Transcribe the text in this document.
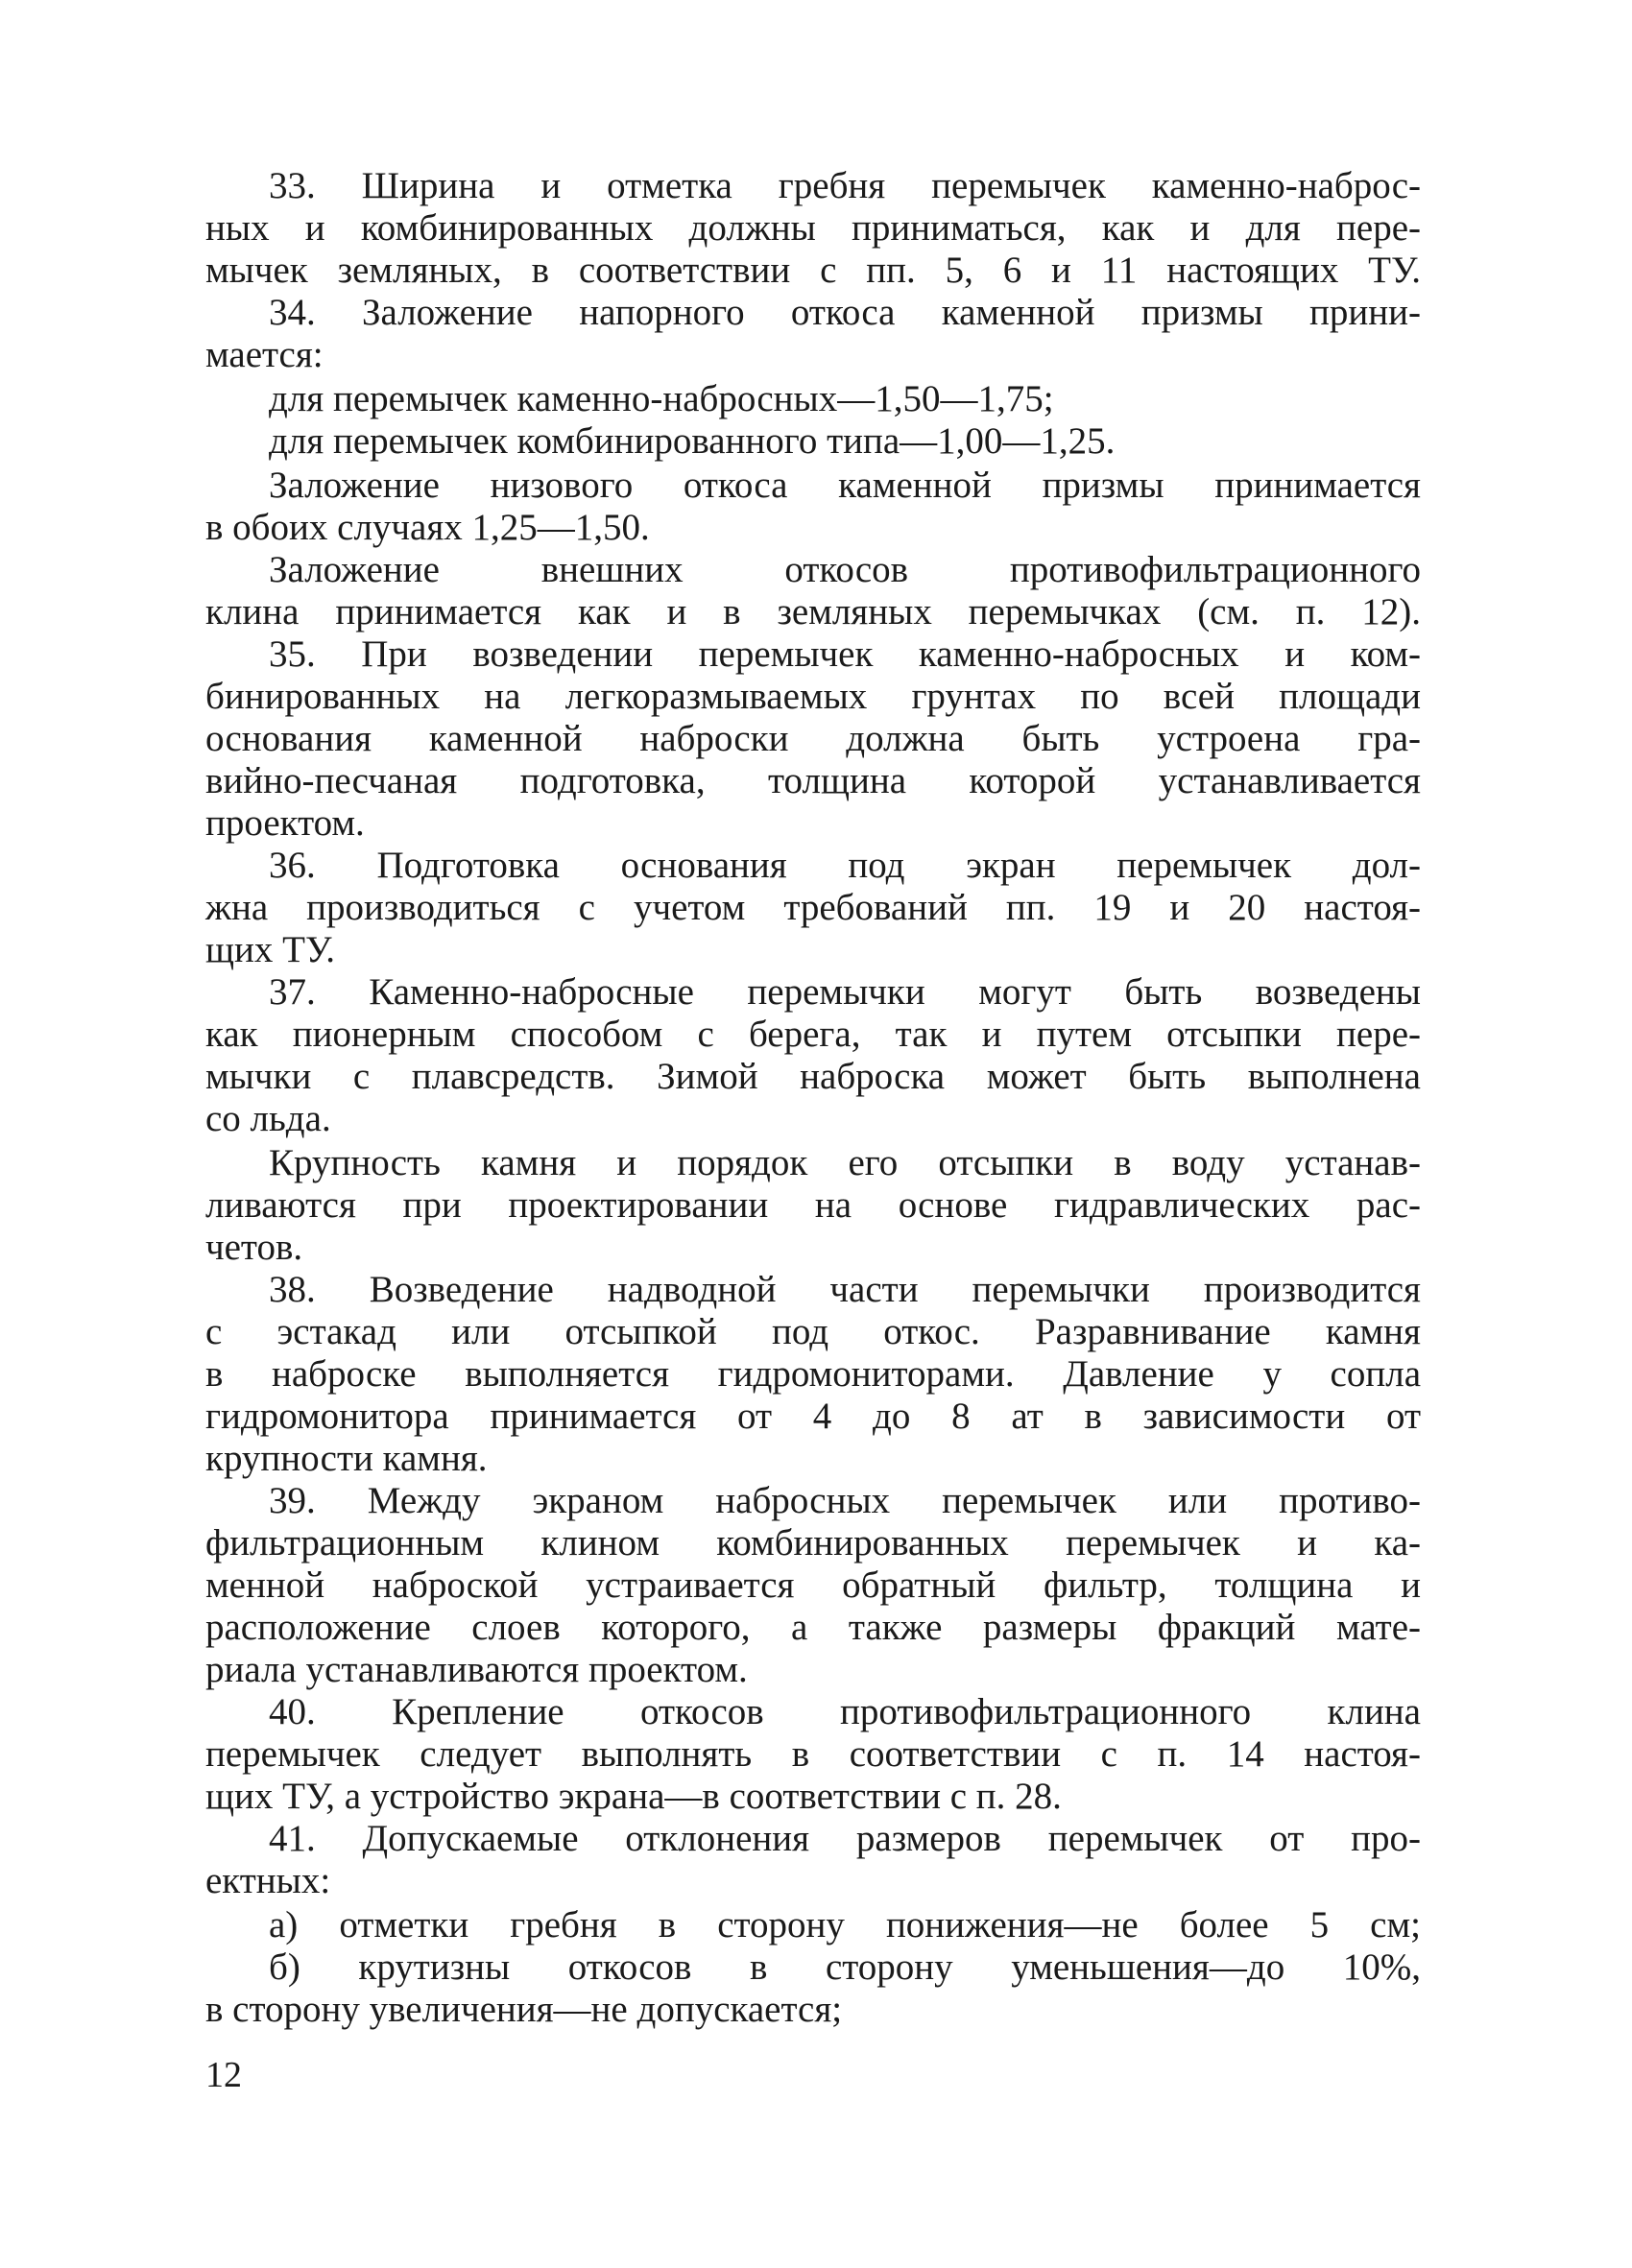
33. Ширина и отметка гребня перемычек каменно-наброс-

ных и комбинированных должны приниматься, как и для пере-

мычек земляных, в соответствии с пп. 5, 6 и 11 настоящих ТУ.

34. Заложение напорного откоса каменной призмы прини-

мается:

для перемычек каменно-набросных—1,50—1,75;

для перемычек комбинированного типа—1,00—1,25.

Заложение низового откоса каменной призмы принимается

в обоих случаях 1,25—1,50.

Заложение внешних откосов противофильтрационного

клина принимается как и в земляных перемычках (см. п. 12).

35. При возведении перемычек каменно-набросных и ком-

бинированных на легкоразмываемых грунтах по всей площади

основания каменной наброски должна быть устроена гра-

вийно-песчаная подготовка, толщина которой устанавливается

проектом.

36. Подготовка основания под экран перемычек дол-

жна производиться с учетом требований пп. 19 и 20 настоя-

щих ТУ.

37. Каменно-набросные перемычки могут быть возведены

как пионерным способом с берега, так и путем отсыпки пере-

мычки с плавсредств. Зимой наброска может быть выполнена

со льда.

Крупность камня и порядок его отсыпки в воду устанав-

ливаются при проектировании на основе гидравлических рас-

четов.

38. Возведение надводной части перемычки производится

с эстакад или отсыпкой под откос. Разравнивание камня

в наброске выполняется гидромониторами. Давление у сопла

гидромонитора принимается от 4 до 8 ат в зависимости от

крупности камня.

39. Между экраном набросных перемычек или противо-

фильтрационным клином комбинированных перемычек и ка-

менной наброской устраивается обратный фильтр, толщина и

расположение слоев которого, а также размеры фракций мате-

риала устанавливаются проектом.

40. Крепление откосов противофильтрационного клина

перемычек следует выполнять в соответствии с п. 14 настоя-

щих ТУ, а устройство экрана—в соответствии с п. 28.

41. Допускаемые отклонения размеров перемычек от про-

ектных:

а) отметки гребня в сторону понижения—не более 5 см;

б) крутизны откосов в сторону уменьшения—до 10%,

в сторону увеличения—не допускается;

12
